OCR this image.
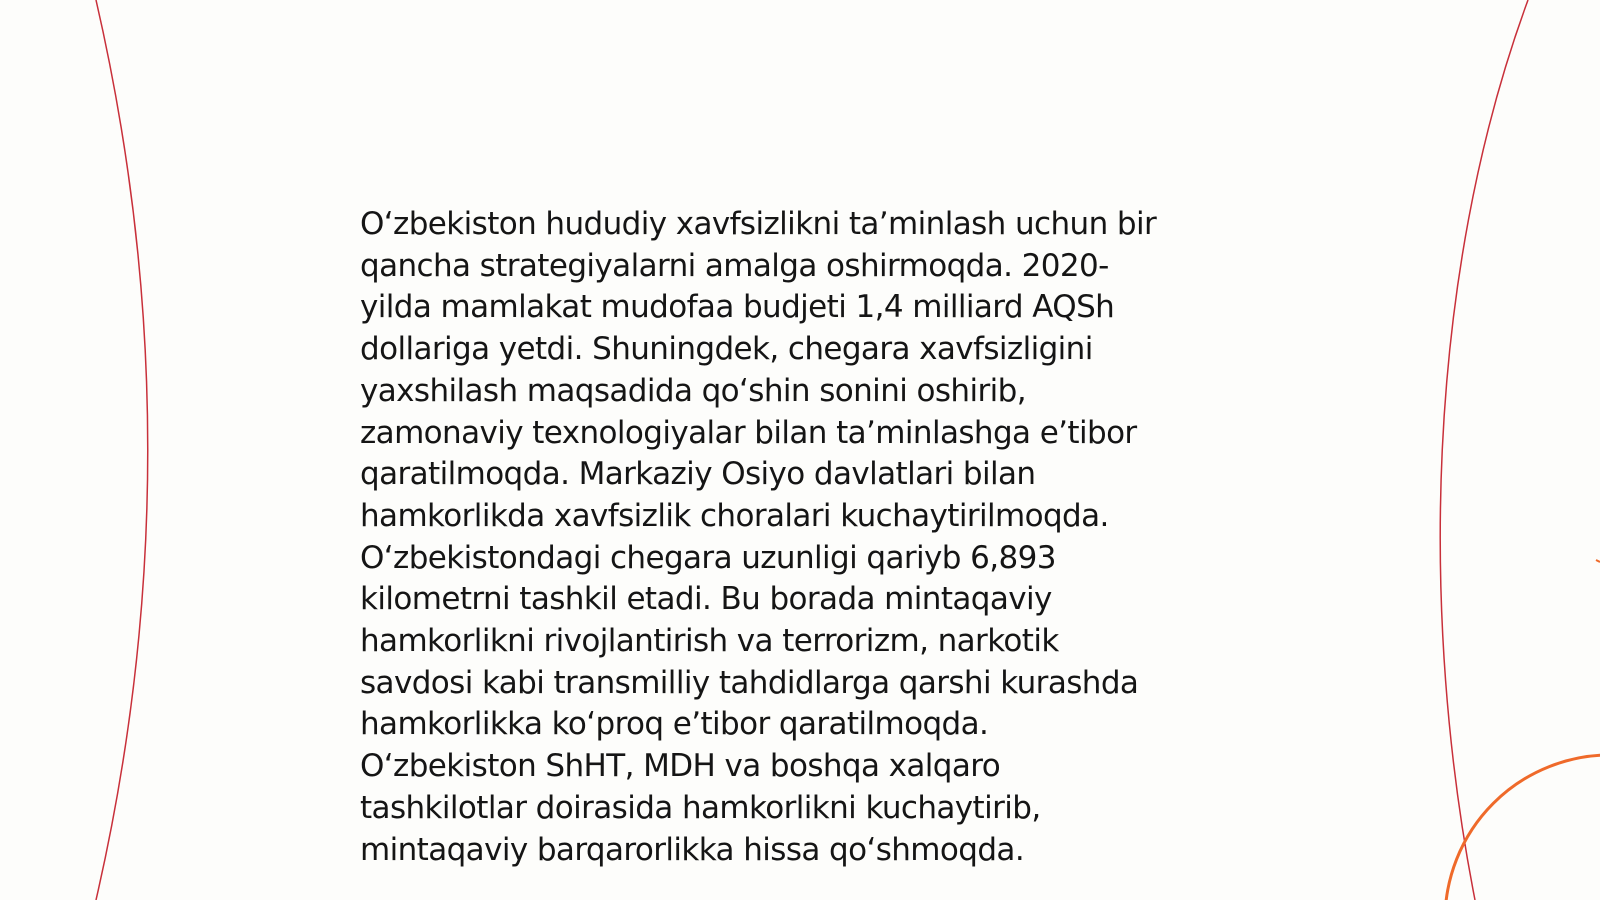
O‘zbekiston hududiy xavfsizlikni ta’minlash uchun bir
qancha strategiyalarni amalga oshirmoqda. 2020-
yilda mamlakat mudofaa budjeti 1,4 milliard AQSh
dollariga yetdi. Shuningdek, chegara xavfsizligini
yaxshilash maqsadida qo‘shin sonini oshirib,
zamonaviy texnologiyalar bilan ta’minlashga e’tibor
qaratilmoqda. Markaziy Osiyo davlatlari bilan
hamkorlikda xavfsizlik choralari kuchaytirilmoqda.
O‘zbekistondagi chegara uzunligi qariyb 6,893
kilometrni tashkil etadi. Bu borada mintaqaviy
hamkorlikni rivojlantirish va terrorizm, narkotik
savdosi kabi transmilliy tahdidlarga qarshi kurashda
hamkorlikka ko‘proq e’tibor qaratilmoqda.
O‘zbekiston ShHT, MDH va boshqa xalqaro
tashkilotlar doirasida hamkorlikni kuchaytirib,
mintaqaviy barqarorlikka hissa qo‘shmoqda.
